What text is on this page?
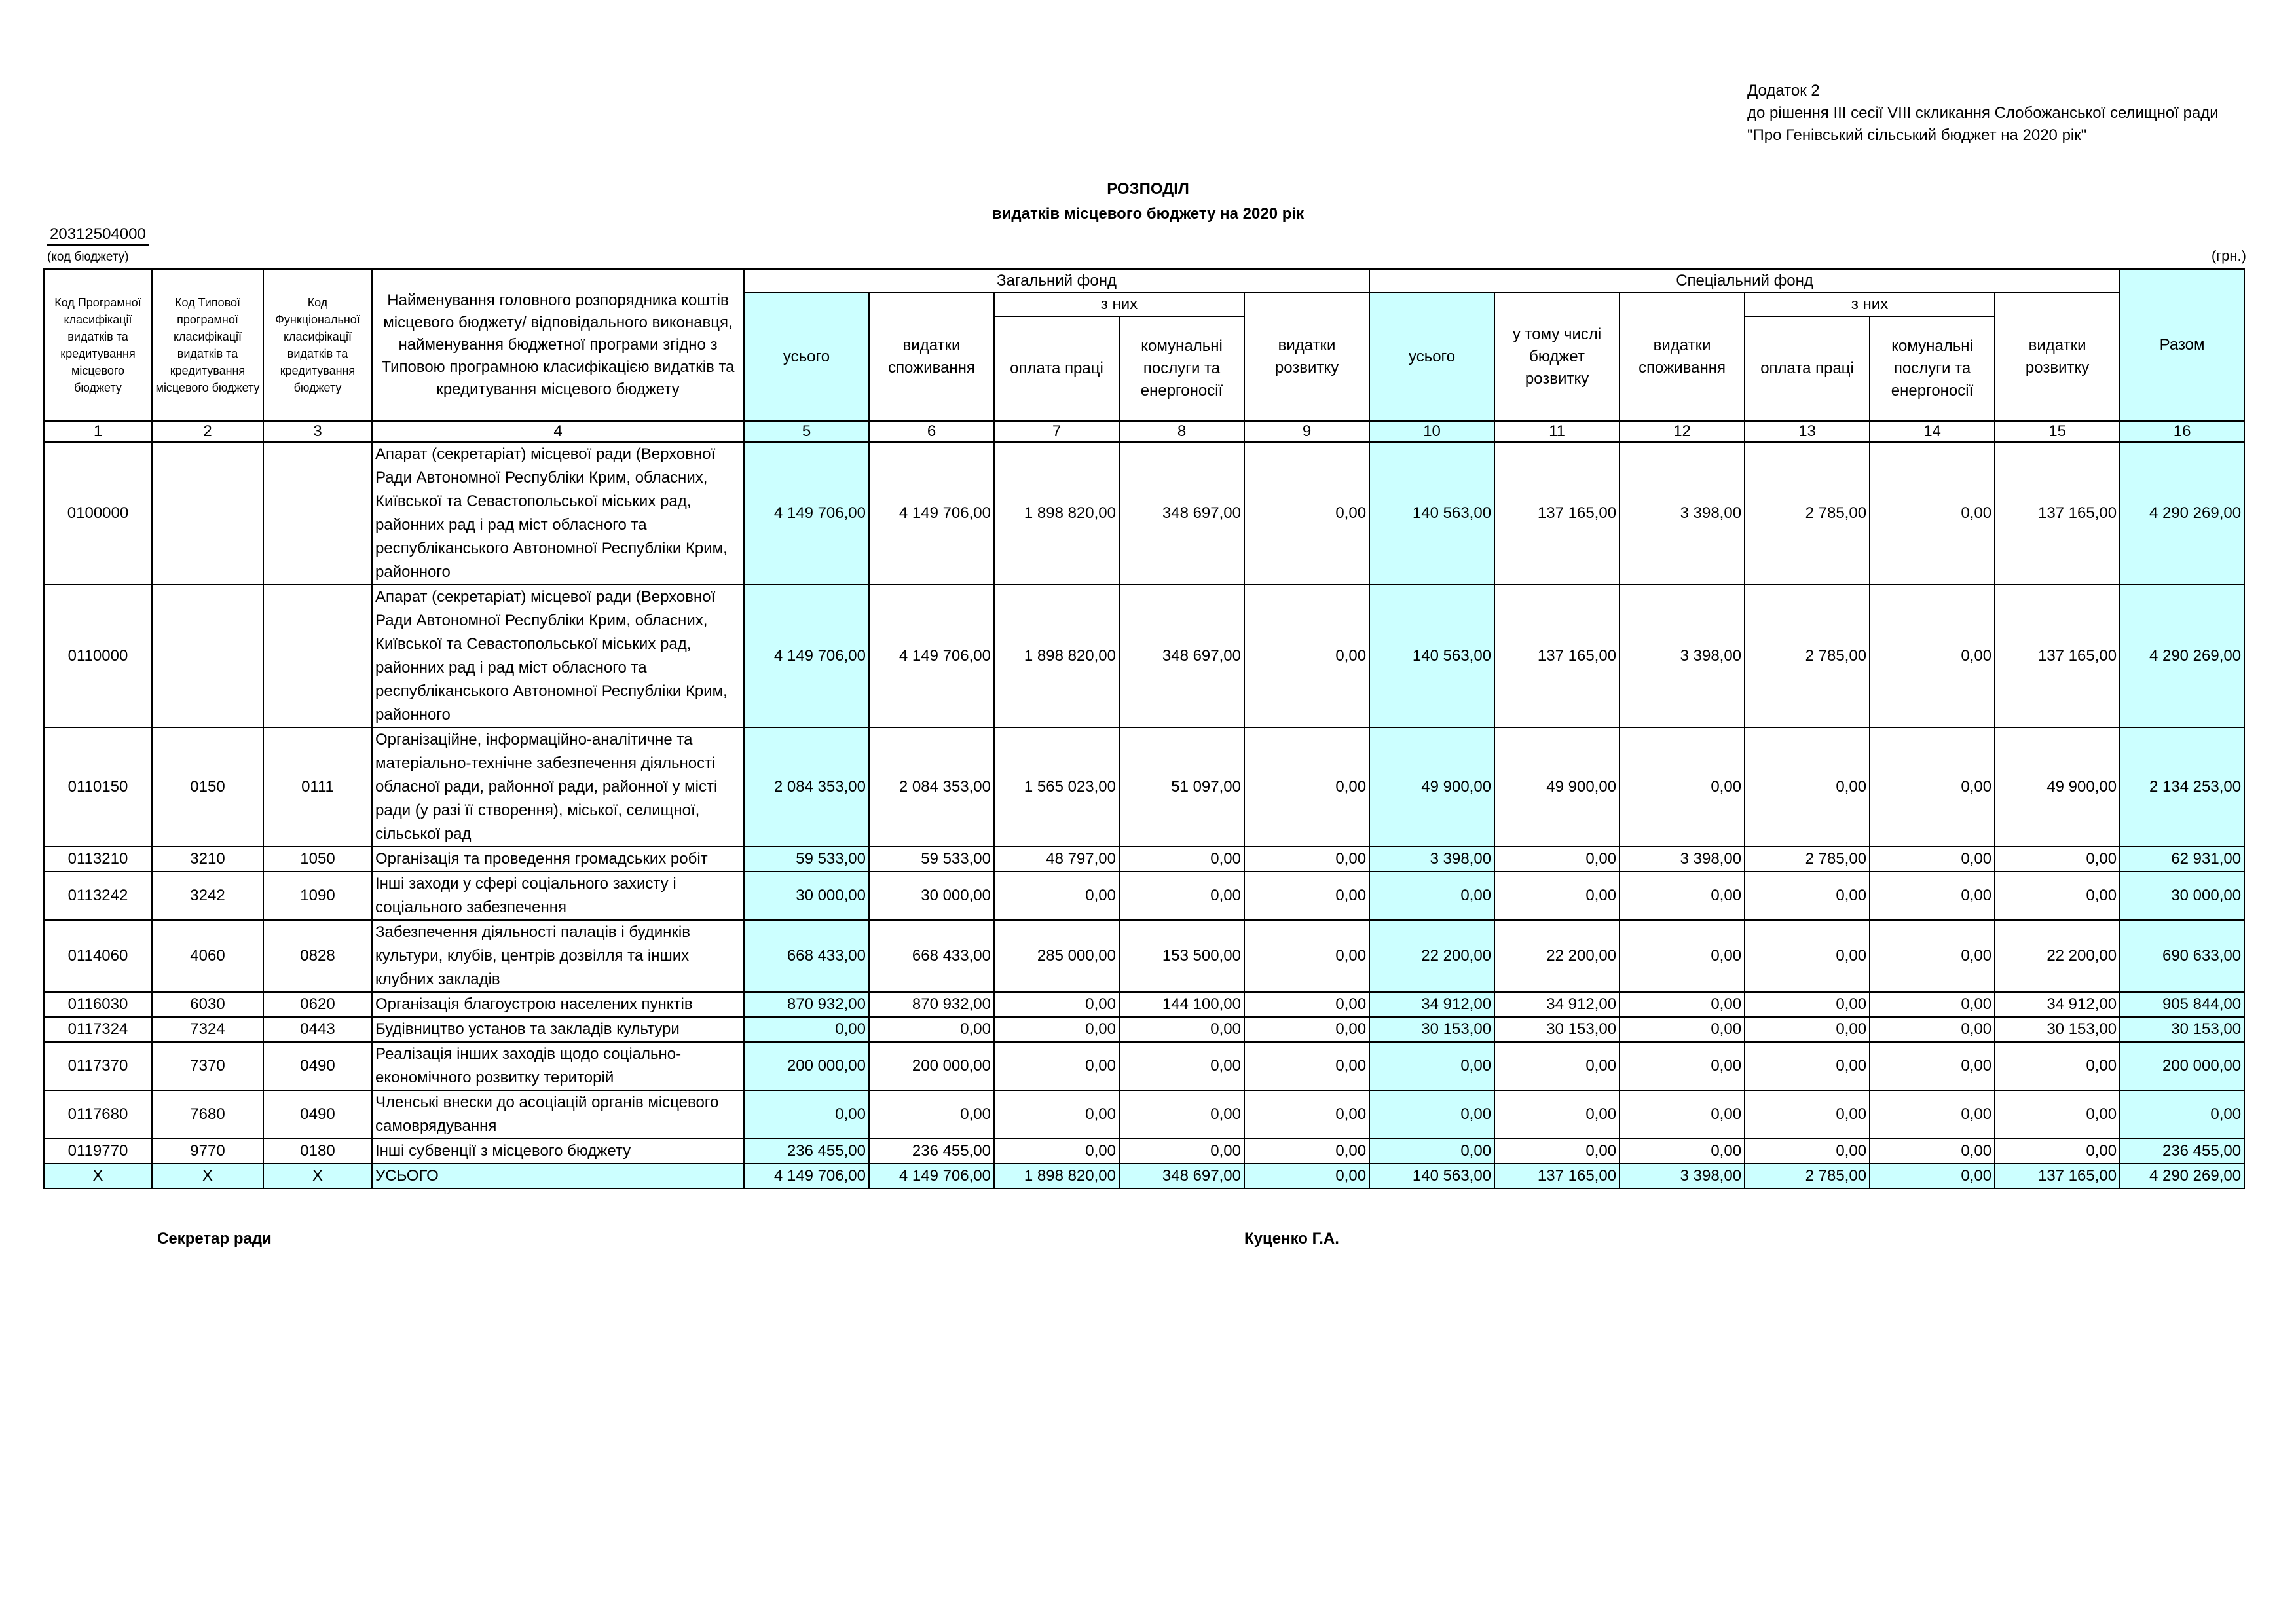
Додаток 2
до рішення III сесії VIII скликання Слобожанської селищної ради
"Про Генівський сільський бюджет на 2020 рік"
РОЗПОДІЛ
видатків місцевого бюджету на 2020 рік
20312504000
(код бюджету)	(грн.)
Код Програмної класифікації видатків та кредитування місцевого бюджету	Код Типової програмної класифікації видатків та кредитування місцевого бюджету	Код Функціональної класифікації видатків та кредитування бюджету	Найменування головного розпорядника коштів місцевого бюджету/ відповідального виконавця, найменування бюджетної програми згідно з Типовою програмною класифікацією видатків та кредитування місцевого бюджету	Загальний фонд					Спеціальний фонд						Разом
				усього	видатки споживання	з них		видатки розвитку	усього	у тому числі бюджет розвитку	видатки споживання	з них		видатки розвитку	
						оплата праці	комунальні послуги та енергоносії					оплата праці	комунальні послуги та енергоносії		
1	2	3	4	5	6	7	8	9	10	11	12	13	14	15	16
0100000			Апарат (секретаріат) місцевої ради (Верховної Ради Автономної Республіки Крим, обласних, Київської та Севастопольської міських рад, районних рад і рад міст обласного та республіканського Автономної Республіки Крим, районного	4 149 706,00	4 149 706,00	1 898 820,00	348 697,00	0,00	140 563,00	137 165,00	3 398,00	2 785,00	0,00	137 165,00	4 290 269,00
0110000			Апарат (секретаріат) місцевої ради (Верховної Ради Автономної Республіки Крим, обласних, Київської та Севастопольської міських рад, районних рад і рад міст обласного та республіканського Автономної Республіки Крим, районного	4 149 706,00	4 149 706,00	1 898 820,00	348 697,00	0,00	140 563,00	137 165,00	3 398,00	2 785,00	0,00	137 165,00	4 290 269,00
0110150	0150	0111	Організаційне, інформаційно-аналітичне та матеріально-технічне забезпечення діяльності обласної ради, районної ради, районної у місті ради (у разі її створення), міської, селищної, сільської рад	2 084 353,00	2 084 353,00	1 565 023,00	51 097,00	0,00	49 900,00	49 900,00	0,00	0,00	0,00	49 900,00	2 134 253,00
0113210	3210	1050	Організація та проведення громадських робіт	59 533,00	59 533,00	48 797,00	0,00	0,00	3 398,00	0,00	3 398,00	2 785,00	0,00	0,00	62 931,00
0113242	3242	1090	Інші заходи у сфері соціального захисту і соціального забезпечення	30 000,00	30 000,00	0,00	0,00	0,00	0,00	0,00	0,00	0,00	0,00	0,00	30 000,00
0114060	4060	0828	Забезпечення діяльності палаців i будинків культури, клубів, центрів дозвілля та iнших клубних закладів	668 433,00	668 433,00	285 000,00	153 500,00	0,00	22 200,00	22 200,00	0,00	0,00	0,00	22 200,00	690 633,00
0116030	6030	0620	Організація благоустрою населених пунктів	870 932,00	870 932,00	0,00	144 100,00	0,00	34 912,00	34 912,00	0,00	0,00	0,00	34 912,00	905 844,00
0117324	7324	0443	Будівництво установ та закладів культури	0,00	0,00	0,00	0,00	0,00	30 153,00	30 153,00	0,00	0,00	0,00	30 153,00	30 153,00
0117370	7370	0490	Реалізація інших заходів щодо соціально-економічного розвитку територій	200 000,00	200 000,00	0,00	0,00	0,00	0,00	0,00	0,00	0,00	0,00	0,00	200 000,00
0117680	7680	0490	Членські внески до асоціацій органів місцевого самоврядування	0,00	0,00	0,00	0,00	0,00	0,00	0,00	0,00	0,00	0,00	0,00	0,00
0119770	9770	0180	Інші субвенції з місцевого бюджету	236 455,00	236 455,00	0,00	0,00	0,00	0,00	0,00	0,00	0,00	0,00	0,00	236 455,00
X	X	X	УСЬОГО	4 149 706,00	4 149 706,00	1 898 820,00	348 697,00	0,00	140 563,00	137 165,00	3 398,00	2 785,00	0,00	137 165,00	4 290 269,00
Секретар ради	Куценко Г.А.
